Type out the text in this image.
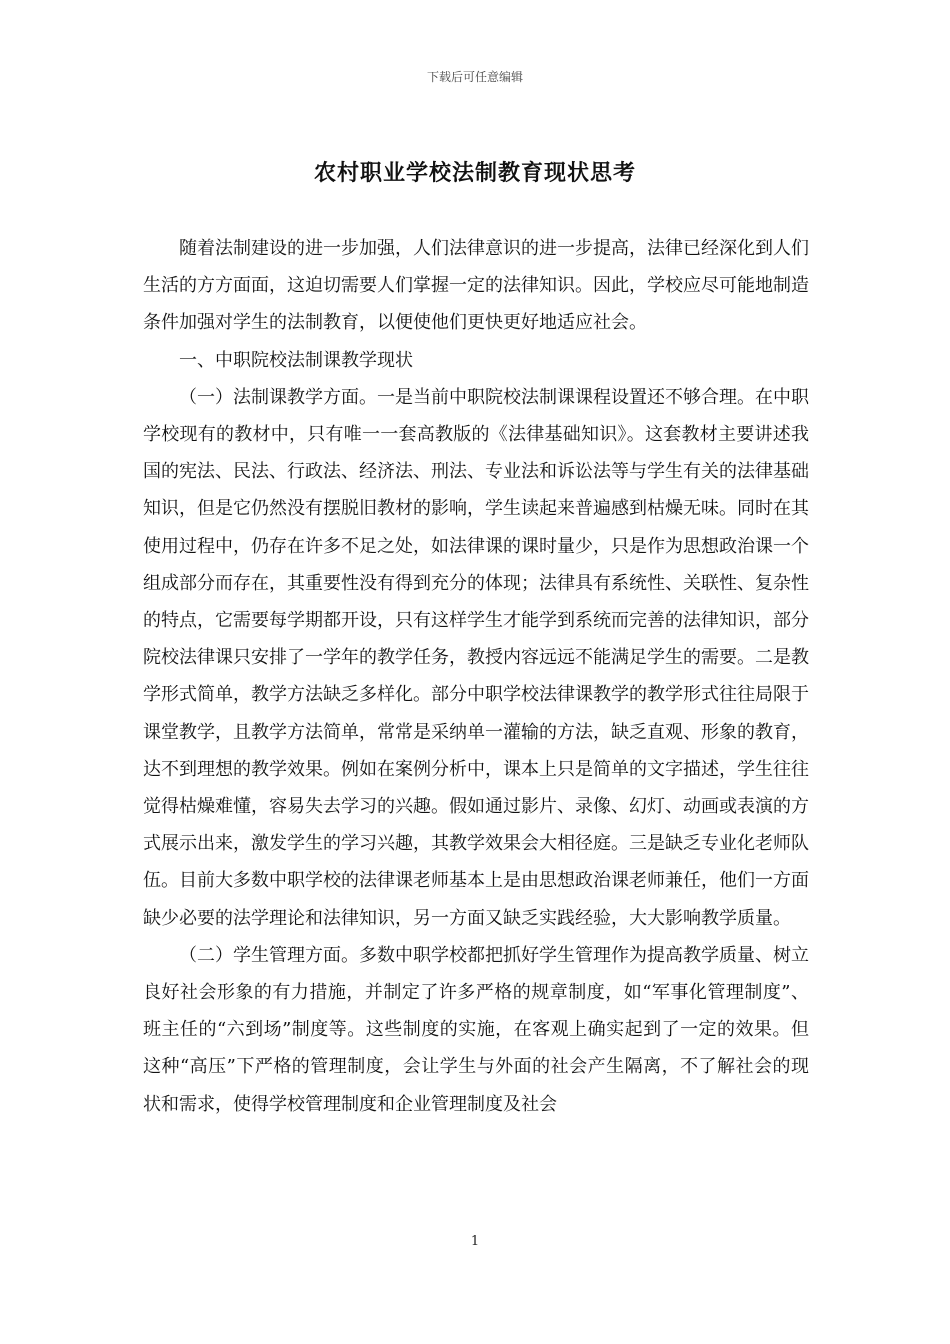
下载后可任意编辑
农村职业学校法制教育现状思考

随着法制建设的进一步加强，人们法律意识的进一步提高，法律已经深化到人们生活的方方面面，这迫切需要人们掌握一定的法律知识。因此，学校应尽可能地制造条件加强对学生的法制教育，以便使他们更快更好地适应社会。

一、中职院校法制课教学现状

（一）法制课教学方面。一是当前中职院校法制课课程设置还不够合理。在中职学校现有的教材中，只有唯一一套高教版的《法律基础知识》。这套教材主要讲述我国的宪法、民法、行政法、经济法、刑法、专业法和诉讼法等与学生有关的法律基础知识，但是它仍然没有摆脱旧教材的影响，学生读起来普遍感到枯燥无味。同时在其使用过程中，仍存在许多不足之处，如法律课的课时量少，只是作为思想政治课一个组成部分而存在，其重要性没有得到充分的体现；法律具有系统性、关联性、复杂性的特点，它需要每学期都开设，只有这样学生才能学到系统而完善的法律知识，部分院校法律课只安排了一学年的教学任务，教授内容远远不能满足学生的需要。二是教学形式简单，教学方法缺乏多样化。部分中职学校法律课教学的教学形式往往局限于课堂教学，且教学方法简单，常常是采纳单一灌输的方法，缺乏直观、形象的教育，达不到理想的教学效果。例如在案例分析中，课本上只是简单的文字描述，学生往往觉得枯燥难懂，容易失去学习的兴趣。假如通过影片、录像、幻灯、动画或表演的方式展示出来，激发学生的学习兴趣，其教学效果会大相径庭。三是缺乏专业化老师队伍。目前大多数中职学校的法律课老师基本上是由思想政治课老师兼任，他们一方面缺少必要的法学理论和法律知识，另一方面又缺乏实践经验，大大影响教学质量。

（二）学生管理方面。多数中职学校都把抓好学生管理作为提高教学质量、树立良好社会形象的有力措施，并制定了许多严格的规章制度，如“军事化管理制度”、班主任的“六到场”制度等。这些制度的实施，在客观上确实起到了一定的效果。但这种“高压”下严格的管理制度，会让学生与外面的社会产生隔离，不了解社会的现状和需求，使得学校管理制度和企业管理制度及社会

1
